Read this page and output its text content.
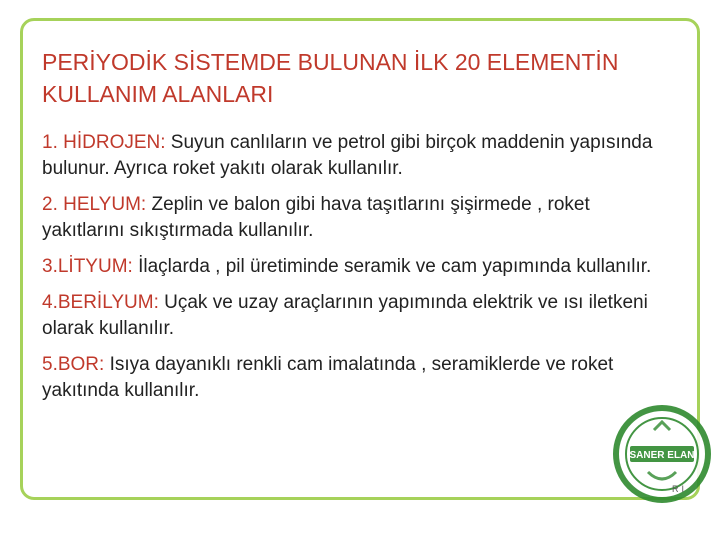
PERİYODİK SİSTEMDE BULUNAN İLK 20 ELEMENTİN
KULLANIM ALANLARI
1. HİDROJEN: Suyun canlıların ve petrol gibi birçok maddenin yapısında bulunur. Ayrıca roket yakıtı olarak kullanılır.
2. HELYUM: Zeplin ve balon gibi hava taşıtlarını şişirmede , roket yakıtlarını sıkıştırmada kullanılır.
3.LİTYUM: İlaçlarda , pil üretiminde seramik ve cam yapımında kullanılır.
4.BERİLYUM: Uçak ve uzay araçlarının yapımında elektrik ve ısı iletkeni olarak kullanılır.
5.BOR: Isıya dayanıklı renkli cam imalatında , seramiklerde ve roket yakıtında kullanılır.
SANER ELAN
RI
